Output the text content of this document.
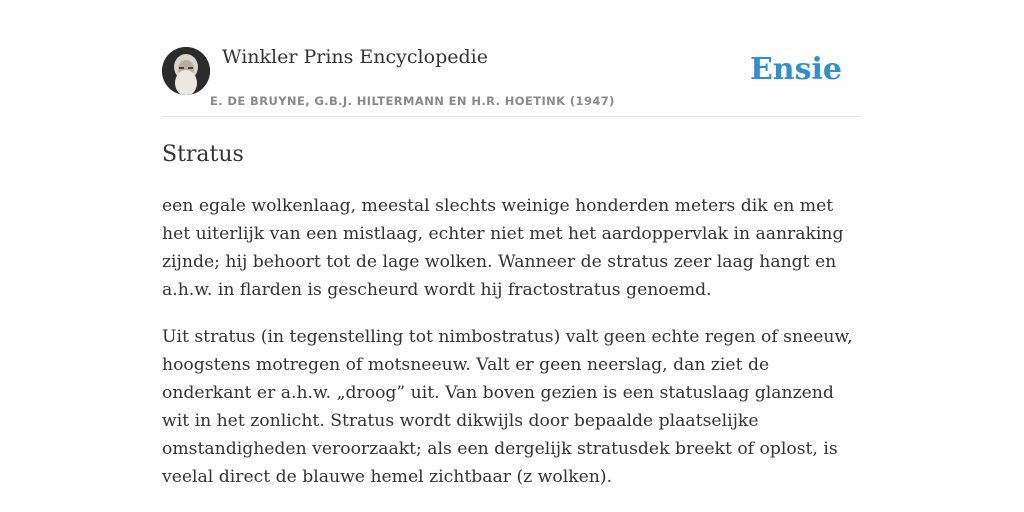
Winkler Prins Encyclopedie
E. DE BRUYNE, G.B.J. HILTERMANN EN H.R. HOETINK (1947)
Ensie
Stratus

een egale wolkenlaag, meestal slechts weinige honderden meters dik en met het uiterlijk van een mistlaag, echter niet met het aardoppervlak in aanraking zijnde; hij behoort tot de lage wolken. Wanneer de stratus zeer laag hangt en a.h.w. in flarden is gescheurd wordt hij fractostratus genoemd.

Uit stratus (in tegenstelling tot nimbostratus) valt geen echte regen of sneeuw, hoogstens motregen of motsneeuw. Valt er geen neerslag, dan ziet de onderkant er a.h.w. „droog” uit. Van boven gezien is een statuslaag glanzend wit in het zonlicht. Stratus wordt dikwijls door bepaalde plaatselijke omstandigheden veroorzaakt; als een dergelijk stratusdek breekt of oplost, is veelal direct de blauwe hemel zichtbaar (z wolken).
